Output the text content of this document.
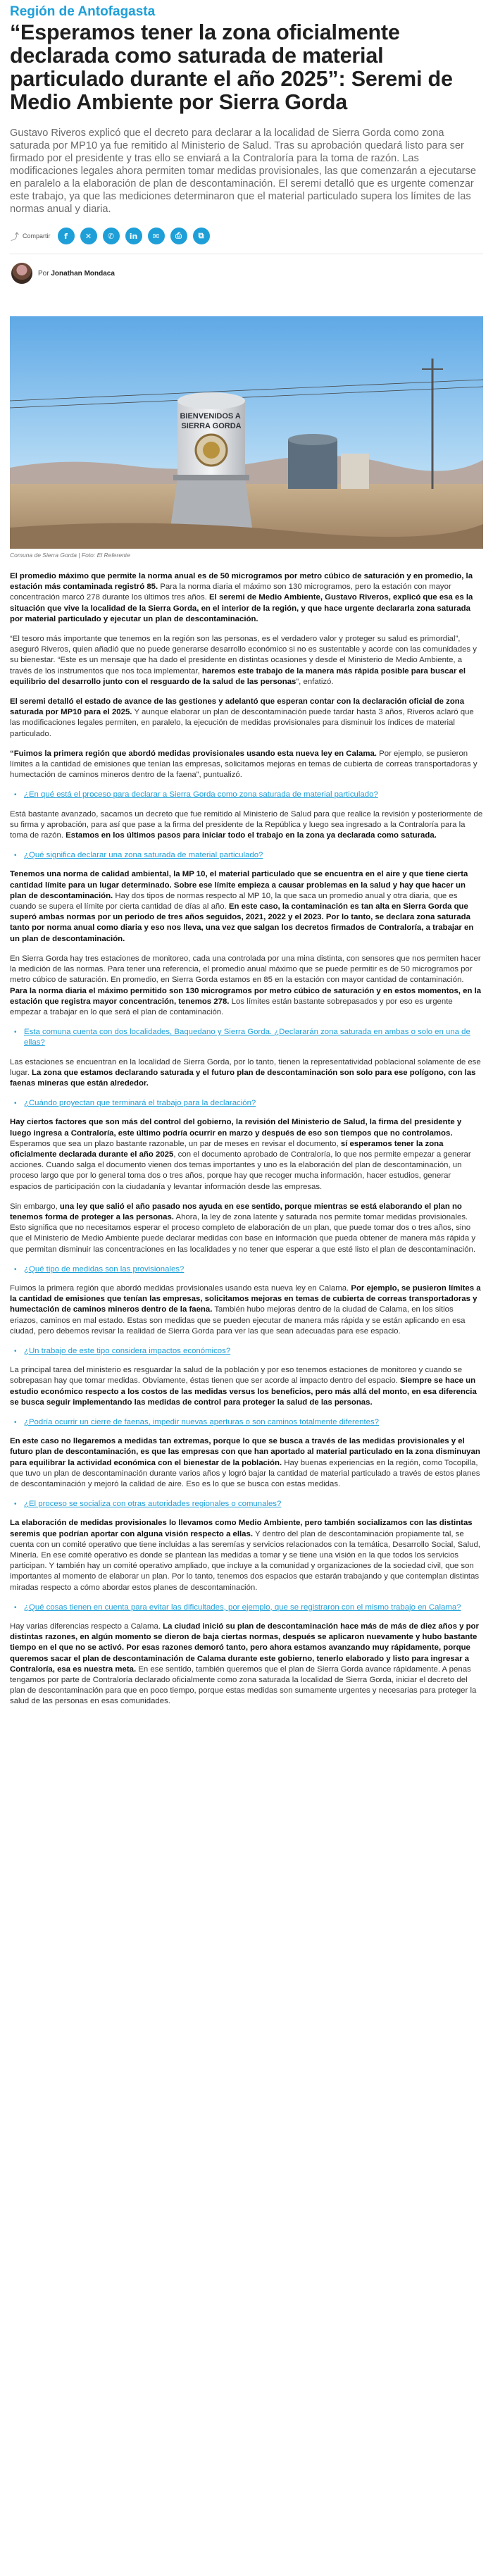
Región de Antofagasta
“Esperamos tener la zona oficialmente declarada como saturada de material particulado durante el año 2025”: Seremi de Medio Ambiente por Sierra Gorda

Gustavo Riveros explicó que el decreto para declarar a la localidad de Sierra Gorda como zona saturada por MP10 ya fue remitido al Ministerio de Salud. Tras su aprobación quedará listo para ser firmado por el presidente y tras ello se enviará a la Contraloría para la toma de razón. Las modificaciones legales ahora permiten tomar medidas provisionales, las que comenzarán a ejecutarse en paralelo a la elaboración de plan de descontaminación. El seremi detalló que es urgente comenzar este trabajo, ya que las mediciones determinaron que el material particulado supera los límites de las normas anual y diaria.

⤴ Compartir	f	✕	✆	in	✉	⎙	⧉
Por Jonathan Mondaca
BIENVENIDOS A SIERRA GORDA
Comuna de Sierra Gorda | Foto: El Referente

El promedio máximo que permite la norma anual es de 50 microgramos por metro cúbico de saturación y en promedio, la estación más contaminada registró 85. Para la norma diaria el máximo son 130 microgramos, pero la estación con mayor concentración marcó 278 durante los últimos tres años. El seremi de Medio Ambiente, Gustavo Riveros, explicó que esa es la situación que vive la localidad de la Sierra Gorda, en el interior de la región, y que hace urgente declararla zona saturada por material particulado y ejecutar un plan de descontaminación.

“El tesoro más importante que tenemos en la región son las personas, es el verdadero valor y proteger su salud es primordial”, aseguró Riveros, quien añadió que no puede generarse desarrollo económico si no es sustentable y acorde con las comunidades y su bienestar. “Este es un mensaje que ha dado el presidente en distintas ocasiones y desde el Ministerio de Medio Ambiente, a través de los instrumentos que nos toca implementar, haremos este trabajo de la manera más rápida posible para buscar el equilibrio del desarrollo junto con el resguardo de la salud de las personas”, enfatizó.

El seremi detalló el estado de avance de las gestiones y adelantó que esperan contar con la declaración oficial de zona saturada por MP10 para el 2025. Y aunque elaborar un plan de descontaminación puede tardar hasta 3 años, Riveros aclaró que las modificaciones legales permiten, en paralelo, la ejecución de medidas provisionales para disminuir los índices de material particulado.

“Fuimos la primera región que abordó medidas provisionales usando esta nueva ley en Calama. Por ejemplo, se pusieron límites a la cantidad de emisiones que tenían las empresas, solicitamos mejoras en temas de cubierta de correas transportadoras y humectación de caminos mineros dentro de la faena”, puntualizó.

• ¿En qué está el proceso para declarar a Sierra Gorda como zona saturada de material particulado?

Está bastante avanzado, sacamos un decreto que fue remitido al Ministerio de Salud para que realice la revisión y posteriormente de su firma y aprobación, para así que pase a la firma del presidente de la República y luego sea ingresado a la Contraloría para la toma de razón. Estamos en los últimos pasos para iniciar todo el trabajo en la zona ya declarada como saturada.

• ¿Qué significa declarar una zona saturada de material particulado?

Tenemos una norma de calidad ambiental, la MP 10, el material particulado que se encuentra en el aire y que tiene cierta cantidad límite para un lugar determinado. Sobre ese límite empieza a causar problemas en la salud y hay que hacer un plan de descontaminación. Hay dos tipos de normas respecto al MP 10, la que saca un promedio anual y otra diaria, que es cuando se supera el límite por cierta cantidad de días al año. En este caso, la contaminación es tan alta en Sierra Gorda que superó ambas normas por un periodo de tres años seguidos, 2021, 2022 y el 2023. Por lo tanto, se declara zona saturada tanto por norma anual como diaria y eso nos lleva, una vez que salgan los decretos firmados de Contraloría, a trabajar en un plan de descontaminación.

En Sierra Gorda hay tres estaciones de monitoreo, cada una controlada por una mina distinta, con sensores que nos permiten hacer la medición de las normas. Para tener una referencia, el promedio anual máximo que se puede permitir es de 50 microgramos por metro cúbico de saturación. En promedio, en Sierra Gorda estamos en 85 en la estación con mayor cantidad de contaminación. Para la norma diaria el máximo permitido son 130 microgramos por metro cúbico de saturación y en estos momentos, en la estación que registra mayor concentración, tenemos 278. Los límites están bastante sobrepasados y por eso es urgente empezar a trabajar en lo que será el plan de contaminación.

• Esta comuna cuenta con dos localidades, Baquedano y Sierra Gorda. ¿Declararán zona saturada en ambas o solo en una de ellas?

Las estaciones se encuentran en la localidad de Sierra Gorda, por lo tanto, tienen la representatividad poblacional solamente de ese lugar. La zona que estamos declarando saturada y el futuro plan de descontaminación son solo para ese polígono, con las faenas mineras que están alrededor.

• ¿Cuándo proyectan que terminará el trabajo para la declaración?

Hay ciertos factores que son más del control del gobierno, la revisión del Ministerio de Salud, la firma del presidente y luego ingresa a Contraloría, este último podría ocurrir en marzo y después de eso son tiempos que no controlamos. Esperamos que sea un plazo bastante razonable, un par de meses en revisar el documento, sí esperamos tener la zona oficialmente declarada durante el año 2025, con el documento aprobado de Contraloría, lo que nos permite empezar a generar acciones. Cuando salga el documento vienen dos temas importantes y uno es la elaboración del plan de descontaminación, un proceso largo que por lo general toma dos o tres años, porque hay que recoger mucha información, hacer estudios, generar espacios de participación con la ciudadanía y levantar información desde las empresas.

Sin embargo, una ley que salió el año pasado nos ayuda en ese sentido, porque mientras se está elaborando el plan no tenemos forma de proteger a las personas. Ahora, la ley de zona latente y saturada nos permite tomar medidas provisionales. Esto significa que no necesitamos esperar el proceso completo de elaboración de un plan, que puede tomar dos o tres años, sino que el Ministerio de Medio Ambiente puede declarar medidas con base en información que pueda obtener de manera más rápida y que permitan disminuir las concentraciones en las localidades y no tener que esperar a que esté listo el plan de descontaminación.

• ¿Qué tipo de medidas son las provisionales?

Fuimos la primera región que abordó medidas provisionales usando esta nueva ley en Calama. Por ejemplo, se pusieron límites a la cantidad de emisiones que tenían las empresas, solicitamos mejoras en temas de cubierta de correas transportadoras y humectación de caminos mineros dentro de la faena. También hubo mejoras dentro de la ciudad de Calama, en los sitios eriazos, caminos en mal estado. Estas son medidas que se pueden ejecutar de manera más rápida y se están aplicando en esa ciudad, pero debemos revisar la realidad de Sierra Gorda para ver las que sean adecuadas para ese espacio.

• ¿Un trabajo de este tipo considera impactos económicos?

La principal tarea del ministerio es resguardar la salud de la población y por eso tenemos estaciones de monitoreo y cuando se sobrepasan hay que tomar medidas. Obviamente, éstas tienen que ser acorde al impacto dentro del espacio. Siempre se hace un estudio económico respecto a los costos de las medidas versus los beneficios, pero más allá del monto, en esa diferencia se busca seguir implementando las medidas de control para proteger la salud de las personas.

• ¿Podría ocurrir un cierre de faenas, impedir nuevas aperturas o son caminos totalmente diferentes?

En este caso no llegaremos a medidas tan extremas, porque lo que se busca a través de las medidas provisionales y el futuro plan de descontaminación, es que las empresas con que han aportado al material particulado en la zona disminuyan para equilibrar la actividad económica con el bienestar de la población. Hay buenas experiencias en la región, como Tocopilla, que tuvo un plan de descontaminación durante varios años y logró bajar la cantidad de material particulado a través de estos planes de descontaminación y mejoró la calidad de aire. Eso es lo que se busca con estas medidas.

• ¿El proceso se socializa con otras autoridades regionales o comunales?

La elaboración de medidas provisionales lo llevamos como Medio Ambiente, pero también socializamos con las distintas seremis que podrían aportar con alguna visión respecto a ellas. Y dentro del plan de descontaminación propiamente tal, se cuenta con un comité operativo que tiene incluidas a las seremías y servicios relacionados con la temática, Desarrollo Social, Salud, Minería. En ese comité operativo es donde se plantean las medidas a tomar y se tiene una visión en la que todos los servicios participan. Y también hay un comité operativo ampliado, que incluye a la comunidad y organizaciones de la sociedad civil, que son importantes al momento de elaborar un plan. Por lo tanto, tenemos dos espacios que estarán trabajando y que contemplan distintas miradas respecto a cómo abordar estos planes de descontaminación.

• ¿Qué cosas tienen en cuenta para evitar las dificultades, por ejemplo, que se registraron con el mismo trabajo en Calama?

Hay varias diferencias respecto a Calama. La ciudad inició su plan de descontaminación hace más de más de diez años y por distintas razones, en algún momento se dieron de baja ciertas normas, después se aplicaron nuevamente y hubo bastante tiempo en el que no se activó. Por esas razones demoró tanto, pero ahora estamos avanzando muy rápidamente, porque queremos sacar el plan de descontaminación de Calama durante este gobierno, tenerlo elaborado y listo para ingresar a Contraloría, esa es nuestra meta. En ese sentido, también queremos que el plan de Sierra Gorda avance rápidamente. A penas tengamos por parte de Contraloría declarado oficialmente como zona saturada la localidad de Sierra Gorda, iniciar el decreto del plan de descontaminación para que en poco tiempo, porque estas medidas son sumamente urgentes y necesarias para proteger la salud de las personas en esas comunidades.
